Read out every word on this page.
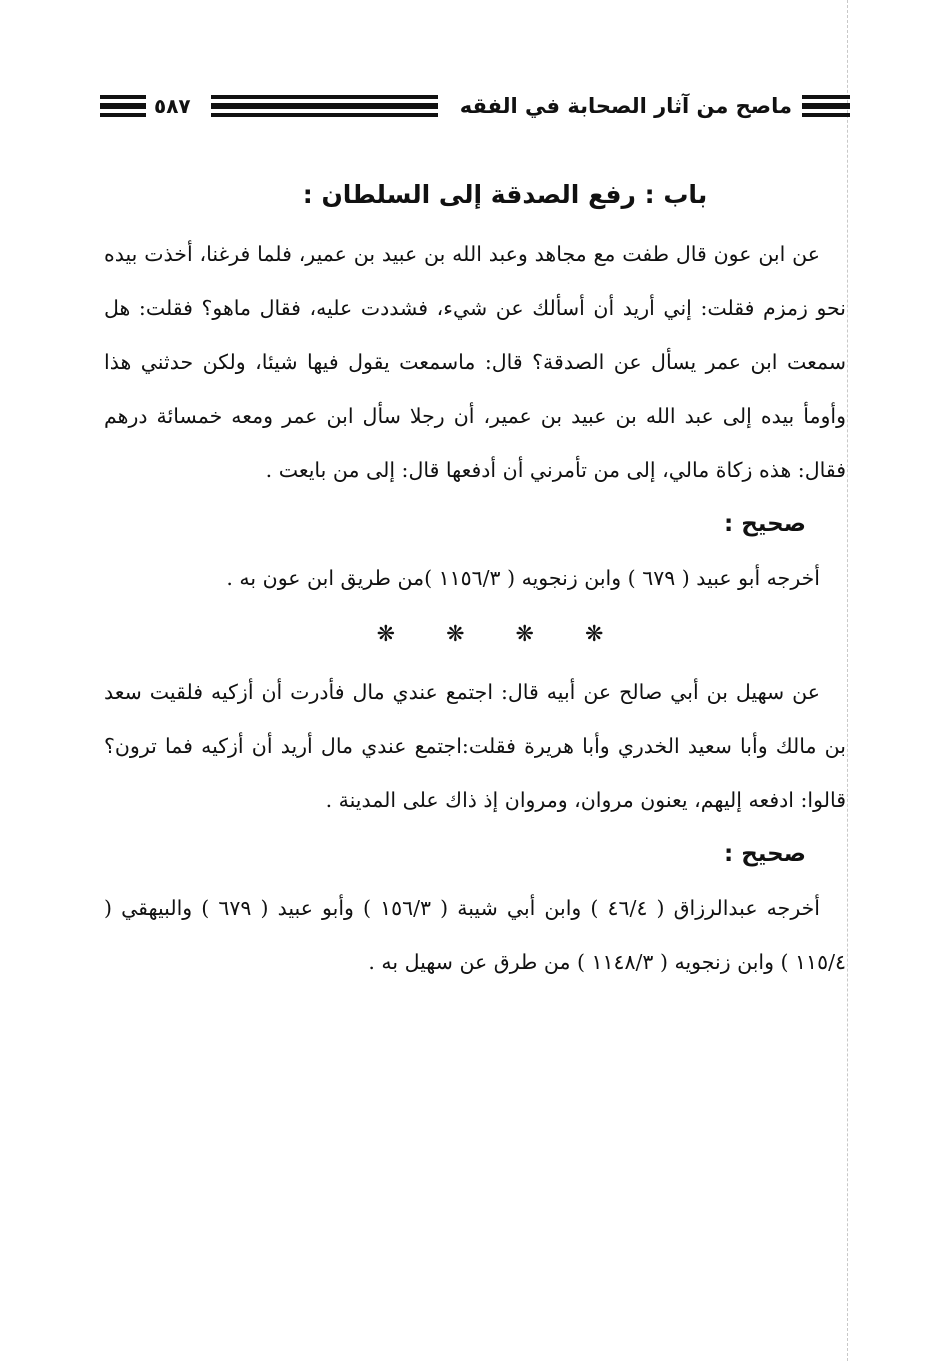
ماصح من آثار الصحابة في الفقه
٥٨٧
باب : رفع الصدقة إلى السلطان :

عن ابن عون قال طفت مع مجاهد وعبد الله بن عبيد بن عمير، فلما فرغنا، أخذت بيده نحو زمزم فقلت: إني أريد أن أسألك عن شيء، فشددت عليه، فقال ماهو؟ فقلت: هل سمعت ابن عمر يسأل عن الصدقة؟ قال: ماسمعت يقول فيها شيئا، ولكن حدثني هذا وأومأ بيده إلى عبد الله بن عبيد بن عمير، أن رجلا سأل ابن عمر ومعه خمسائة درهم فقال: هذه زكاة مالي، إلى من تأمرني أن أدفعها قال: إلى من بايعت .

صحيح :

أخرجه أبو عبيد ( ٦٧٩ ) وابن زنجويه ( ١١٥٦/٣ )من طريق ابن عون به .

❋ ❋ ❋ ❋

عن سهيل بن أبي صالح عن أبيه قال: اجتمع عندي مال فأدرت أن أزكيه فلقيت سعد بن مالك وأبا سعيد الخدري وأبا هريرة فقلت:اجتمع عندي مال أريد أن أزكيه فما ترون؟ قالوا: ادفعه إليهم، يعنون مروان، ومروان إذ ذاك على المدينة .

صحيح :

أخرجه عبدالرزاق ( ٤٦/٤ ) وابن أبي شيبة ( ١٥٦/٣ ) وأبو عبيد ( ٦٧٩ ) والبيهقي ( ١١٥/٤ ) وابن زنجويه ( ١١٤٨/٣ ) من طرق عن سهيل به .
